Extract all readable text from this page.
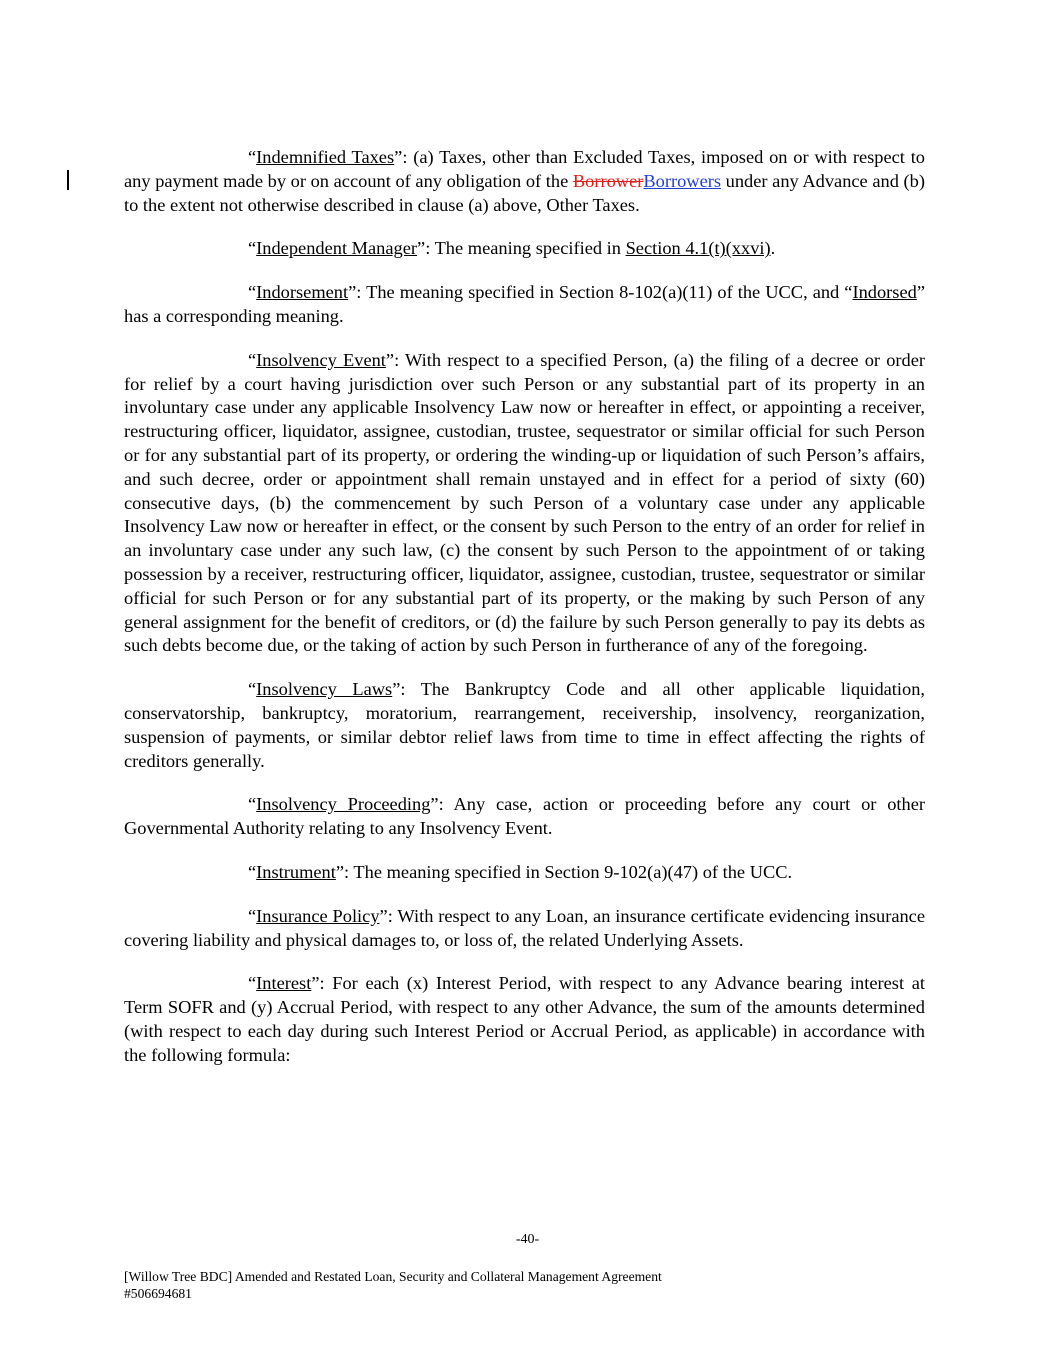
“Indemnified Taxes”: (a) Taxes, other than Excluded Taxes, imposed on or with respect to any payment made by or on account of any obligation of the BorrowerBorrowers under any Advance and (b) to the extent not otherwise described in clause (a) above, Other Taxes.

“Independent Manager”: The meaning specified in Section 4.1(t)(xxvi).

“Indorsement”: The meaning specified in Section 8-102(a)(11) of the UCC, and “Indorsed” has a corresponding meaning.

“Insolvency Event”: With respect to a specified Person, (a) the filing of a decree or order for relief by a court having jurisdiction over such Person or any substantial part of its property in an involuntary case under any applicable Insolvency Law now or hereafter in effect, or appointing a receiver, restructuring officer, liquidator, assignee, custodian, trustee, sequestrator or similar official for such Person or for any substantial part of its property, or ordering the winding-up or liquidation of such Person’s affairs, and such decree, order or appointment shall remain unstayed and in effect for a period of sixty (60) consecutive days, (b) the commencement by such Person of a voluntary case under any applicable Insolvency Law now or hereafter in effect, or the consent by such Person to the entry of an order for relief in an involuntary case under any such law, (c) the consent by such Person to the appointment of or taking possession by a receiver, restructuring officer, liquidator, assignee, custodian, trustee, sequestrator or similar official for such Person or for any substantial part of its property, or the making by such Person of any general assignment for the benefit of creditors, or (d) the failure by such Person generally to pay its debts as such debts become due, or the taking of action by such Person in furtherance of any of the foregoing.

“Insolvency Laws”: The Bankruptcy Code and all other applicable liquidation, conservatorship, bankruptcy, moratorium, rearrangement, receivership, insolvency, reorganization, suspension of payments, or similar debtor relief laws from time to time in effect affecting the rights of creditors generally.

“Insolvency Proceeding”: Any case, action or proceeding before any court or other Governmental Authority relating to any Insolvency Event.

“Instrument”: The meaning specified in Section 9-102(a)(47) of the UCC.

“Insurance Policy”: With respect to any Loan, an insurance certificate evidencing insurance covering liability and physical damages to, or loss of, the related Underlying Assets.

“Interest”: For each (x) Interest Period, with respect to any Advance bearing interest at Term SOFR and (y) Accrual Period, with respect to any other Advance, the sum of the amounts determined (with respect to each day during such Interest Period or Accrual Period, as applicable) in accordance with the following formula:

-40-
[Willow Tree BDC] Amended and Restated Loan, Security and Collateral Management Agreement
#506694681
